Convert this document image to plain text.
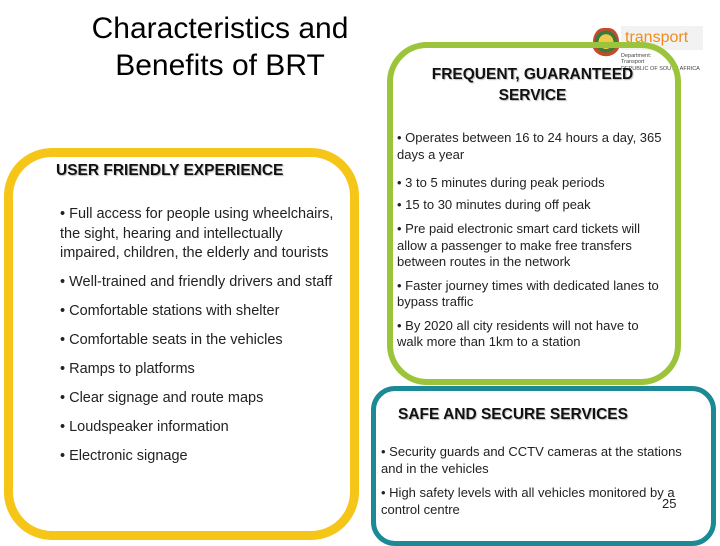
Characteristics and
Benefits of BRT
transport
Department:
Transport
REPUBLIC OF SOUTH AFRICA
USER FRIENDLY EXPERIENCE
• Full access for people using wheelchairs, the sight, hearing and intellectually impaired, children, the elderly and tourists
• Well-trained and friendly drivers and staff
• Comfortable stations with shelter
• Comfortable seats in the vehicles
• Ramps to platforms
• Clear signage and route maps
• Loudspeaker information
• Electronic signage
FREQUENT, GUARANTEED SERVICE
• Operates between 16 to 24 hours a day, 365 days a year
• 3 to 5 minutes during peak periods
• 15 to 30 minutes during off peak
• Pre paid electronic smart card tickets will allow a passenger to make free transfers between routes in the network
• Faster journey times with dedicated lanes to bypass traffic
• By 2020 all city residents will not have to walk more than 1km to a station
SAFE AND SECURE SERVICES
• Security guards and CCTV cameras at the stations and in the vehicles
• High safety levels with all vehicles monitored by a control centre	25
